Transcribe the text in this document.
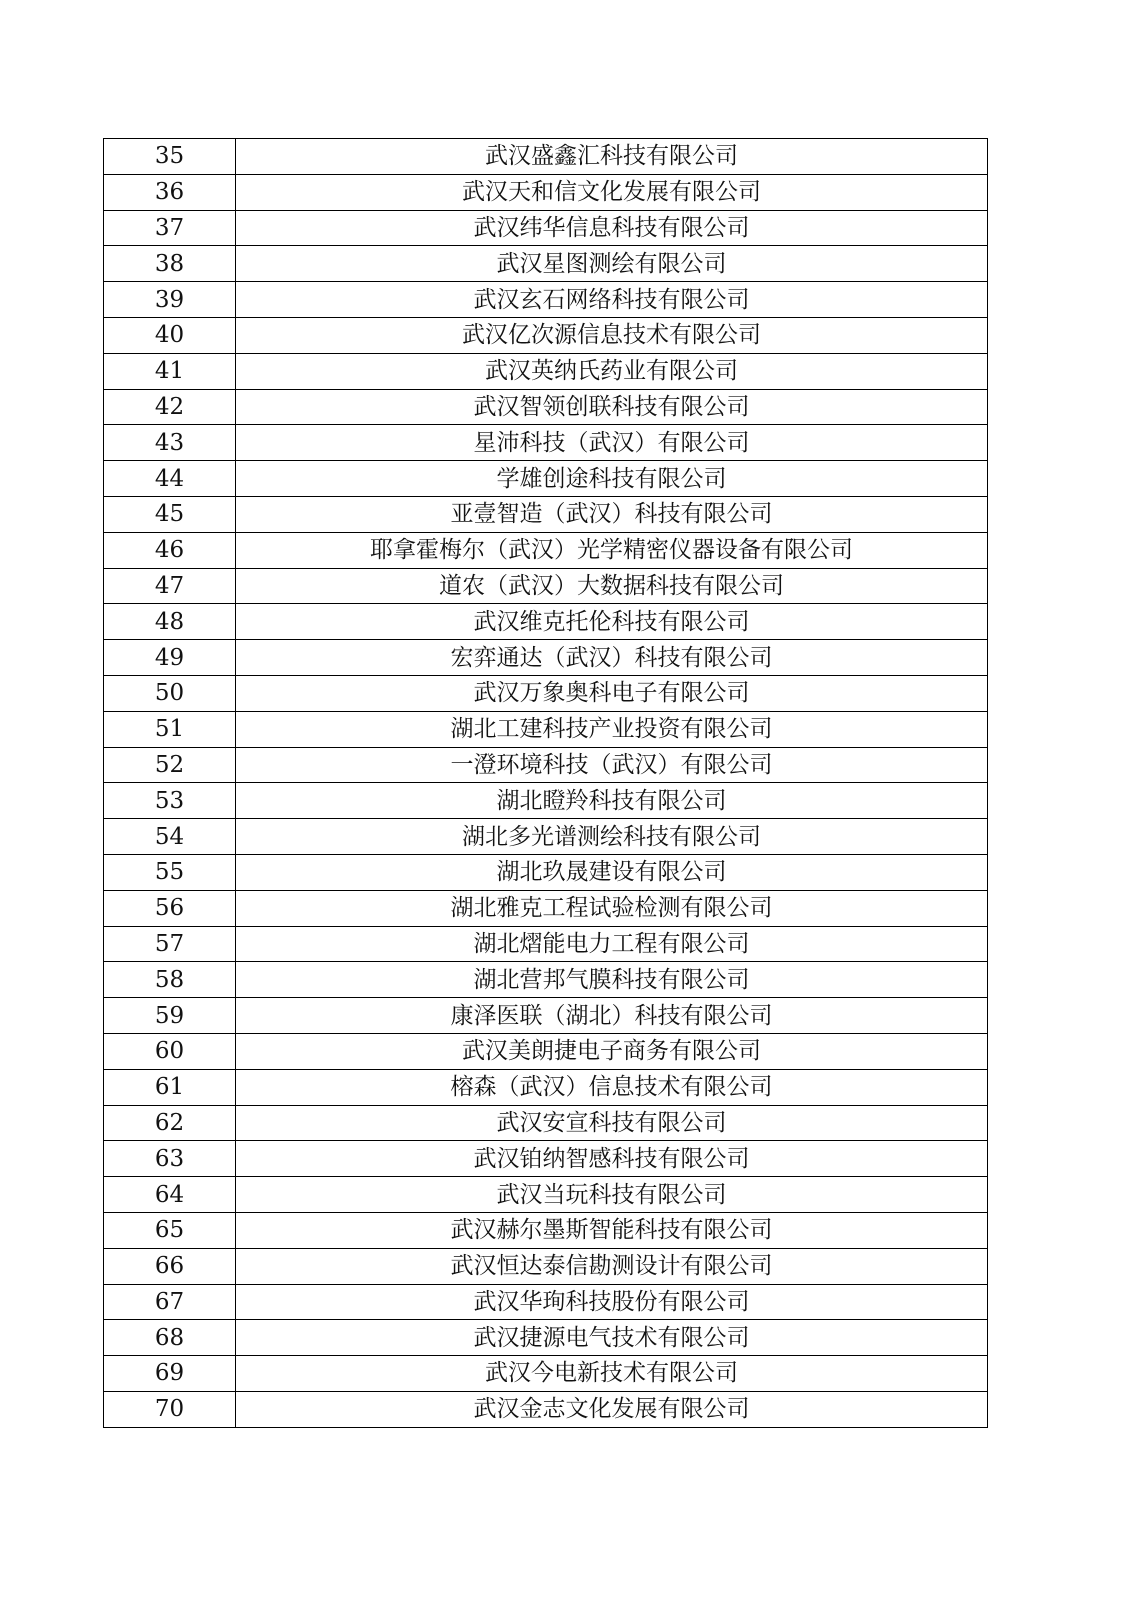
35	武汉盛鑫汇科技有限公司
36	武汉天和信文化发展有限公司
37	武汉纬华信息科技有限公司
38	武汉星图测绘有限公司
39	武汉玄石网络科技有限公司
40	武汉亿次源信息技术有限公司
41	武汉英纳氏药业有限公司
42	武汉智领创联科技有限公司
43	星沛科技（武汉）有限公司
44	学雄创途科技有限公司
45	亚壹智造（武汉）科技有限公司
46	耶拿霍梅尔（武汉）光学精密仪器设备有限公司
47	道农（武汉）大数据科技有限公司
48	武汉维克托伦科技有限公司
49	宏弈通达（武汉）科技有限公司
50	武汉万象奥科电子有限公司
51	湖北工建科技产业投资有限公司
52	一澄环境科技（武汉）有限公司
53	湖北瞪羚科技有限公司
54	湖北多光谱测绘科技有限公司
55	湖北玖晟建设有限公司
56	湖北雅克工程试验检测有限公司
57	湖北熠能电力工程有限公司
58	湖北营邦气膜科技有限公司
59	康泽医联（湖北）科技有限公司
60	武汉美朗捷电子商务有限公司
61	榕森（武汉）信息技术有限公司
62	武汉安宣科技有限公司
63	武汉铂纳智感科技有限公司
64	武汉当玩科技有限公司
65	武汉赫尔墨斯智能科技有限公司
66	武汉恒达泰信勘测设计有限公司
67	武汉华珣科技股份有限公司
68	武汉捷源电气技术有限公司
69	武汉今电新技术有限公司
70	武汉金志文化发展有限公司
